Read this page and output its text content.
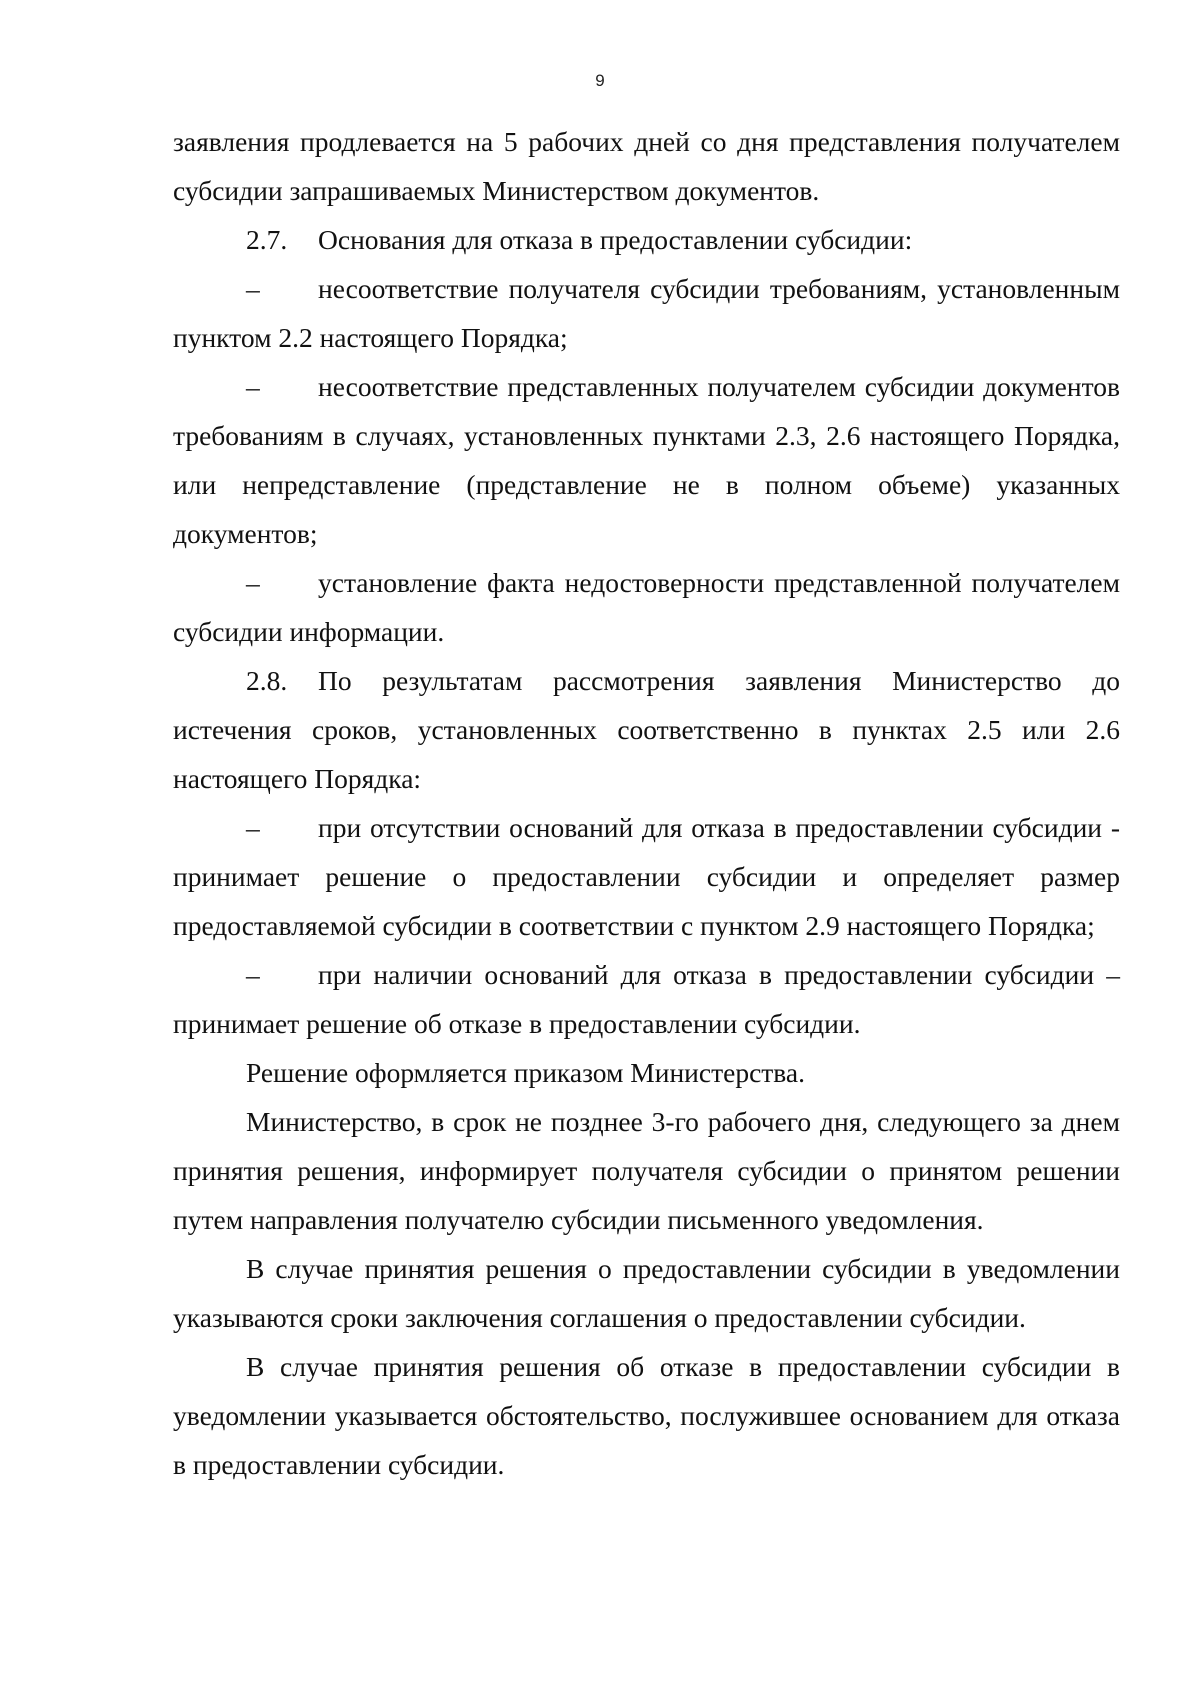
9

заявления продлевается на 5 рабочих дней со дня представления получателем субсидии запрашиваемых Министерством документов.

2.7. Основания для отказа в предоставлении субсидии:

– несоответствие получателя субсидии требованиям, установленным пунктом 2.2 настоящего Порядка;

– несоответствие представленных получателем субсидии документов требованиям в случаях, установленных пунктами 2.3, 2.6 настоящего Порядка, или непредставление (представление не в полном объеме) указанных документов;

– установление факта недостоверности представленной получателем субсидии информации.

2.8. По результатам рассмотрения заявления Министерство до истечения сроков, установленных соответственно в пунктах 2.5 или 2.6 настоящего Порядка:

– при отсутствии оснований для отказа в предоставлении субсидии - принимает решение о предоставлении субсидии и определяет размер предоставляемой субсидии в соответствии с пунктом 2.9 настоящего Порядка;

– при наличии оснований для отказа в предоставлении субсидии – принимает решение об отказе в предоставлении субсидии.

Решение оформляется приказом Министерства.

Министерство, в срок не позднее 3-го рабочего дня, следующего за днем принятия решения, информирует получателя субсидии о принятом решении путем направления получателю субсидии письменного уведомления.

В случае принятия решения о предоставлении субсидии в уведомлении указываются сроки заключения соглашения о предоставлении субсидии.

В случае принятия решения об отказе в предоставлении субсидии в уведомлении указывается обстоятельство, послужившее основанием для отказа в предоставлении субсидии.
